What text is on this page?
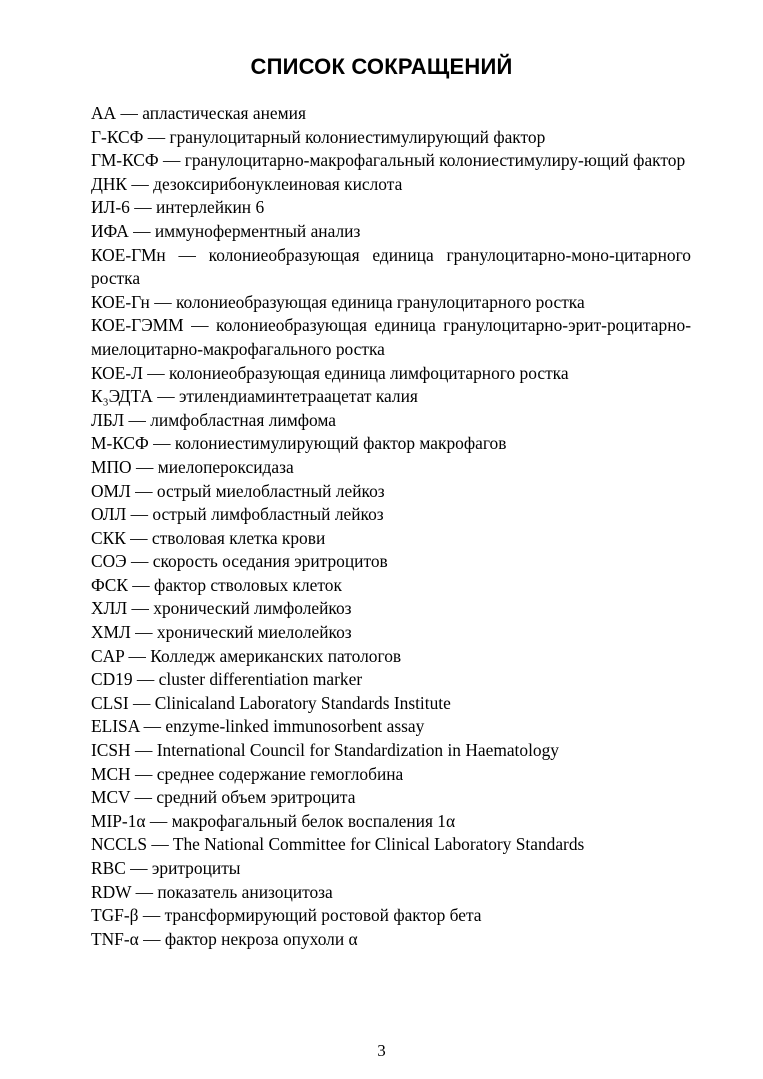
СПИСОК СОКРАЩЕНИЙ

АА — апластическая анемия

Г-КСФ — гранулоцитарный колониестимулирующий фактор

ГМ-КСФ — гранулоцитарно-макрофагальный колониестимулиру-ющий фактор

ДНК — дезоксирибонуклеиновая кислота

ИЛ-6 — интерлейкин 6

ИФА — иммуноферментный анализ

КОЕ-ГМн — колониеобразующая единица гранулоцитарно-моно-цитарного ростка

КОЕ-Гн — колониеобразующая единица гранулоцитарного ростка

КОЕ-ГЭММ — колониеобразующая единица гранулоцитарно-эрит-роцитарно-миелоцитарно-макрофагального ростка

КОЕ-Л — колониеобразующая единица лимфоцитарного ростка

К₃ЭДТА — этилендиаминтетраацетат калия

ЛБЛ — лимфобластная лимфома

М-КСФ — колониестимулирующий фактор макрофагов

МПО — миелопероксидаза

ОМЛ — острый миелобластный лейкоз

ОЛЛ — острый лимфобластный лейкоз

СКК — стволовая клетка крови

СОЭ — скорость оседания эритроцитов

ФСК — фактор стволовых клеток

ХЛЛ — хронический лимфолейкоз

ХМЛ — хронический миелолейкоз

CAP — Колледж американских патологов

CD19 — cluster differentiation marker

CLSI — Clinicaland Laboratory Standards Institute

ELISA — enzyme-linked immunosorbent assay

ICSH — International Council for Standardization in Haematology

MCH — среднее содержание гемоглобина

MCV — средний объем эритроцита

MIP-1α — макрофагальный белок воспаления 1α

NCCLS — The National Committee for Clinical Laboratory Standards

RBC — эритроциты

RDW — показатель анизоцитоза

TGF-β — трансформирующий ростовой фактор бета

TNF-α — фактор некроза опухоли α

3
